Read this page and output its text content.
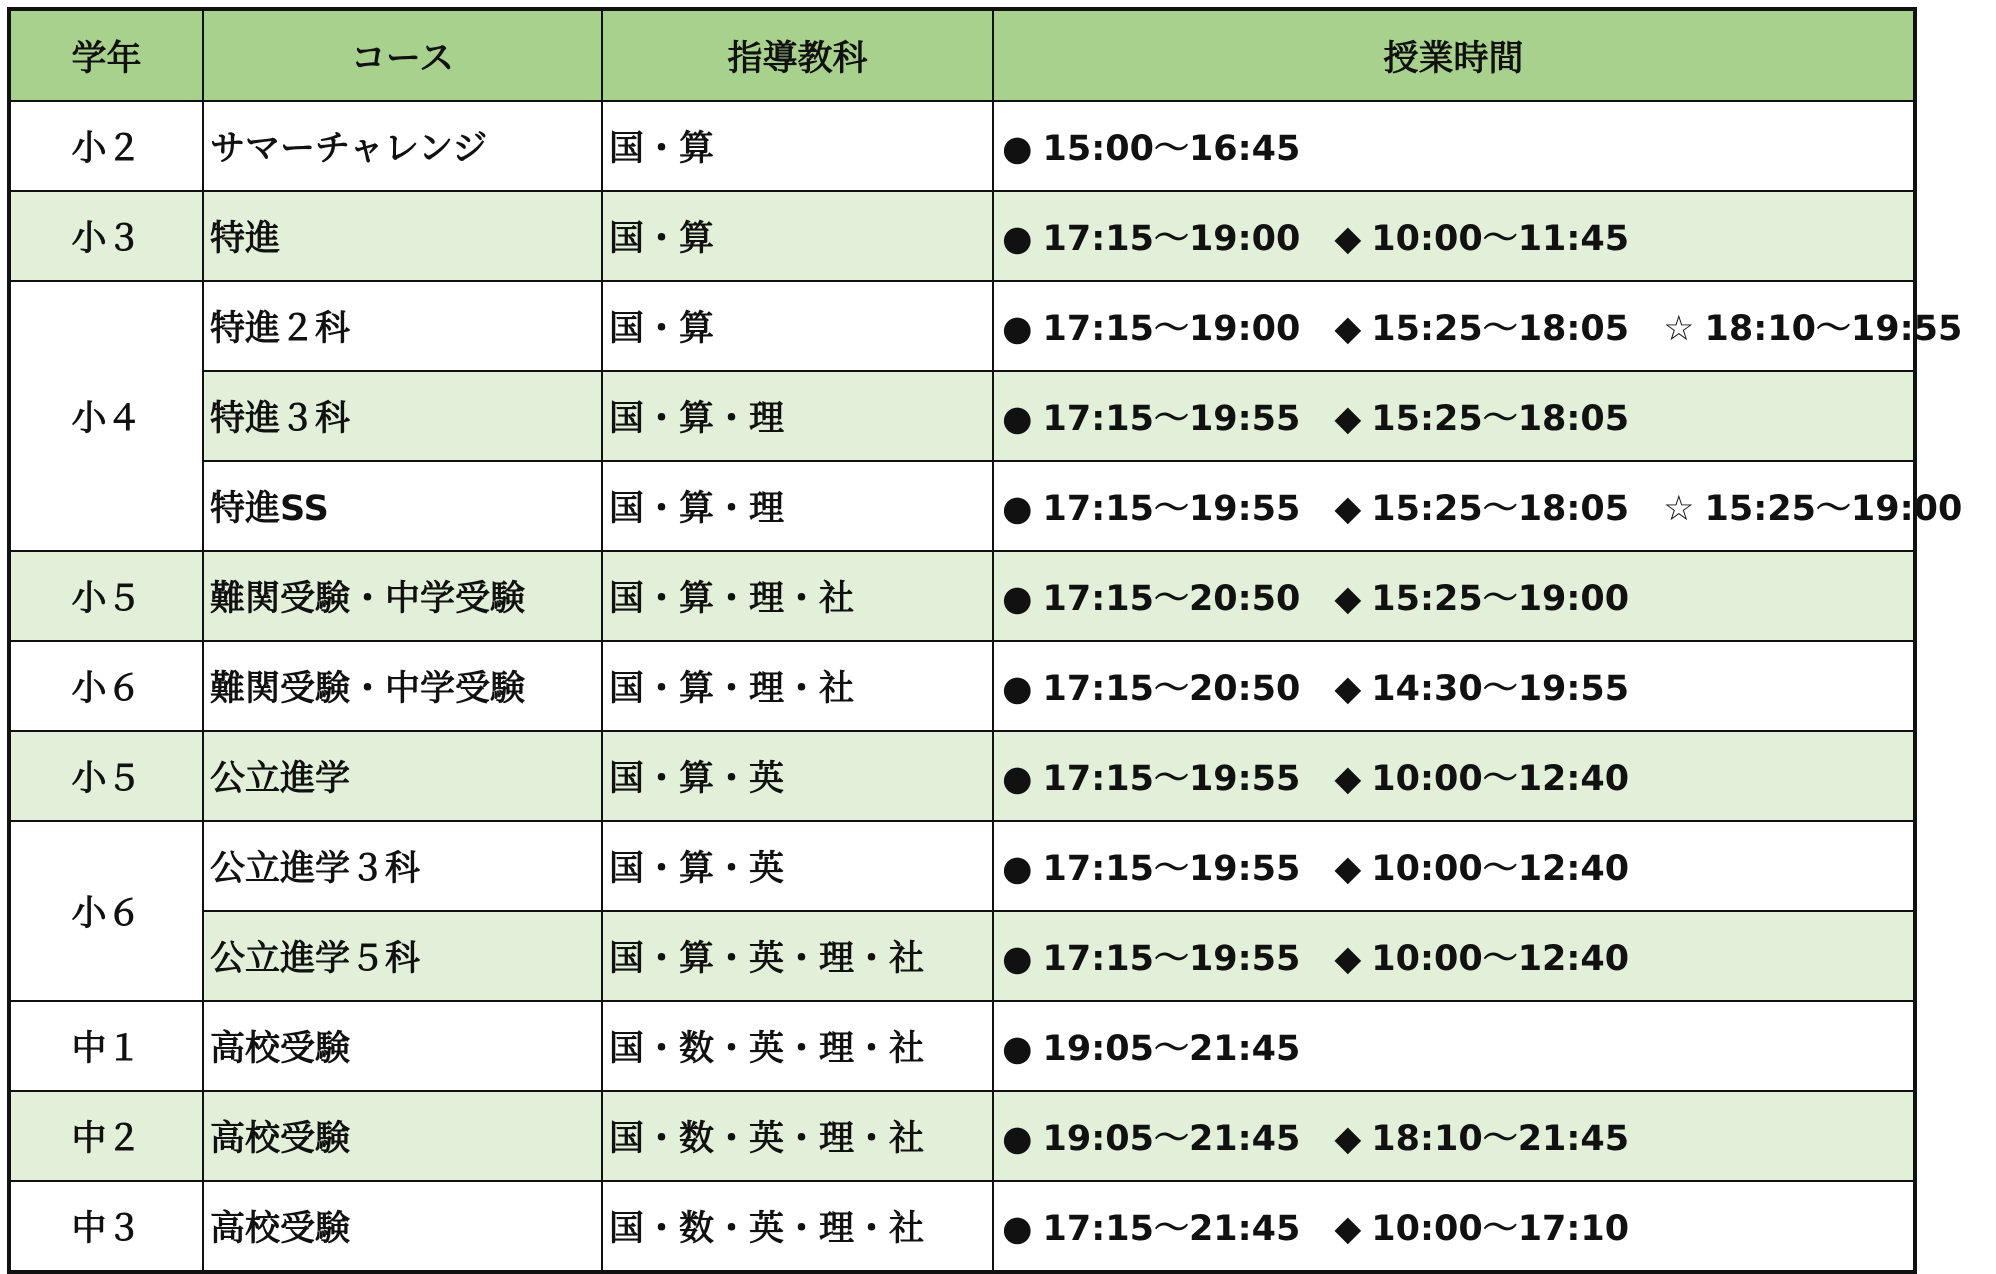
学年	コース	指導教科	授業時間
小２	サマーチャレンジ	国・算	● 15:00～16:45
小３	特進	国・算	● 17:15～19:00 ◆ 10:00～11:45
小４	特進２科	国・算	● 17:15～19:00 ◆ 15:25～18:05 ☆ 18:10～19:55
	特進３科	国・算・理	● 17:15～19:55 ◆ 15:25～18:05
	特進SS	国・算・理	● 17:15～19:55 ◆ 15:25～18:05 ☆ 15:25～19:00
小５	難関受験・中学受験	国・算・理・社	● 17:15～20:50 ◆ 15:25～19:00
小６	難関受験・中学受験	国・算・理・社	● 17:15～20:50 ◆ 14:30～19:55
小５	公立進学	国・算・英	● 17:15～19:55 ◆ 10:00～12:40
小６	公立進学３科	国・算・英	● 17:15～19:55 ◆ 10:00～12:40
	公立進学５科	国・算・英・理・社	● 17:15～19:55 ◆ 10:00～12:40
中１	高校受験	国・数・英・理・社	● 19:05～21:45
中２	高校受験	国・数・英・理・社	● 19:05～21:45 ◆ 18:10～21:45
中３	高校受験	国・数・英・理・社	● 17:15～21:45 ◆ 10:00～17:10
